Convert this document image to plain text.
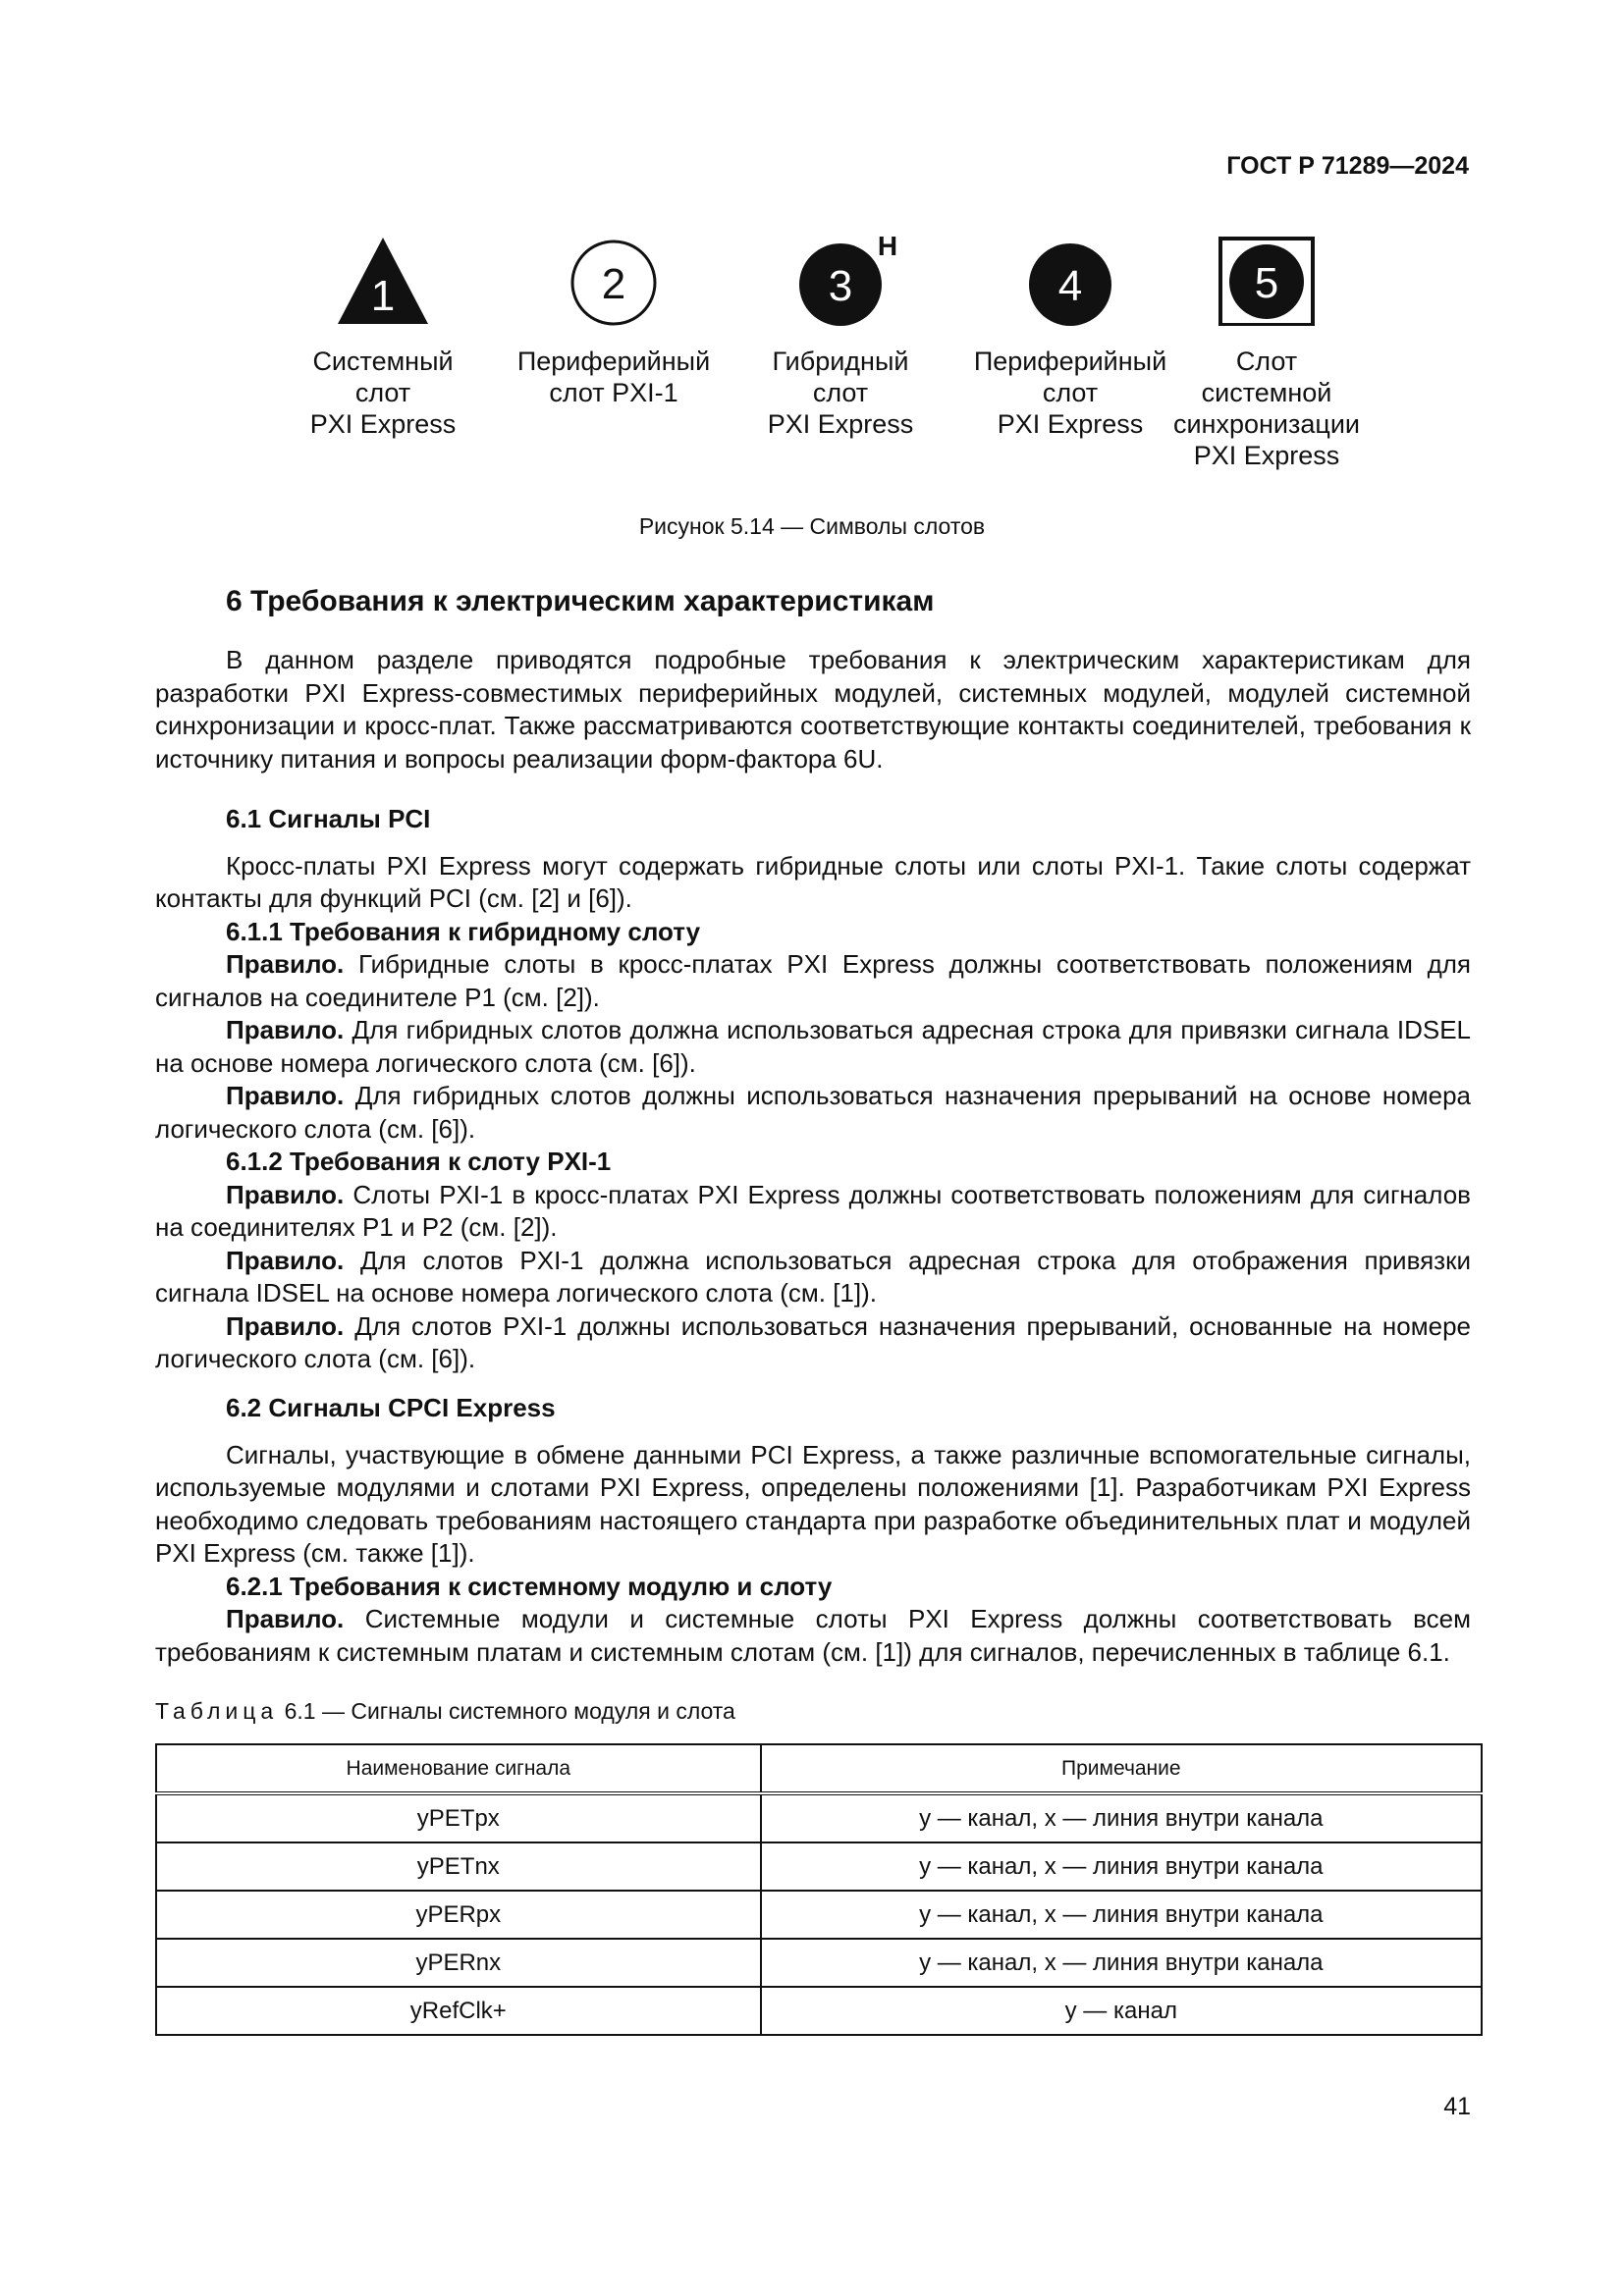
ГОСТ Р 71289—2024
1
Системный слот
PXI Express
2
Периферийный
слот PXI-1
3
H
Гибридный слот
PXI Express
4
Периферийный
слот
PXI Express
5
Слот
системной
синхронизации
PXI Express
Рисунок 5.14 — Символы слотов
6 Требования к электрическим характеристикам

В данном разделе приводятся подробные требования к электрическим характеристикам для разработки PXI Express-совместимых периферийных модулей, системных модулей, модулей системной синхронизации и кросс-плат. Также рассматриваются соответствующие контакты соединителей, требования к источнику питания и вопросы реализации форм-фактора 6U.

6.1 Сигналы PCI

Кросс-платы PXI Express могут содержать гибридные слоты или слоты PXI-1. Такие слоты содержат контакты для функций PCI (см. [2] и [6]).

6.1.1 Требования к гибридному слоту

Правило. Гибридные слоты в кросс-платах PXI Express должны соответствовать положениям для сигналов на соединителе P1 (см. [2]).

Правило. Для гибридных слотов должна использоваться адресная строка для привязки сигнала IDSEL на основе номера логического слота (см. [6]).

Правило. Для гибридных слотов должны использоваться назначения прерываний на основе номера логического слота (см. [6]).

6.1.2 Требования к слоту PXI-1

Правило. Слоты PXI-1 в кросс-платах PXI Express должны соответствовать положениям для сигналов на соединителях P1 и P2 (см. [2]).

Правило. Для слотов PXI-1 должна использоваться адресная строка для отображения привязки сигнала IDSEL на основе номера логического слота (см. [1]).

Правило. Для слотов PXI-1 должны использоваться назначения прерываний, основанные на номере логического слота (см. [6]).

6.2 Сигналы CPCI Express

Сигналы, участвующие в обмене данными PCI Express, а также различные вспомогательные сигналы, используемые модулями и слотами PXI Express, определены положениями [1]. Разработчикам PXI Express необходимо следовать требованиям настоящего стандарта при разработке объединительных плат и модулей PXI Express (см. также [1]).

6.2.1 Требования к системному модулю и слоту

Правило. Системные модули и системные слоты PXI Express должны соответствовать всем требованиям к системным платам и системным слотам (см. [1]) для сигналов, перечисленных в таблице 6.1.

Таблица 6.1 — Сигналы системного модуля и слота
Наименование сигнала	Примечание
yPETpx	y — канал, x — линия внутри канала
yPETnx	y — канал, x — линия внутри канала
yPERpx	y — канал, x — линия внутри канала
yPERnx	y — канал, x — линия внутри канала
yRefClk+	y — канал
41
